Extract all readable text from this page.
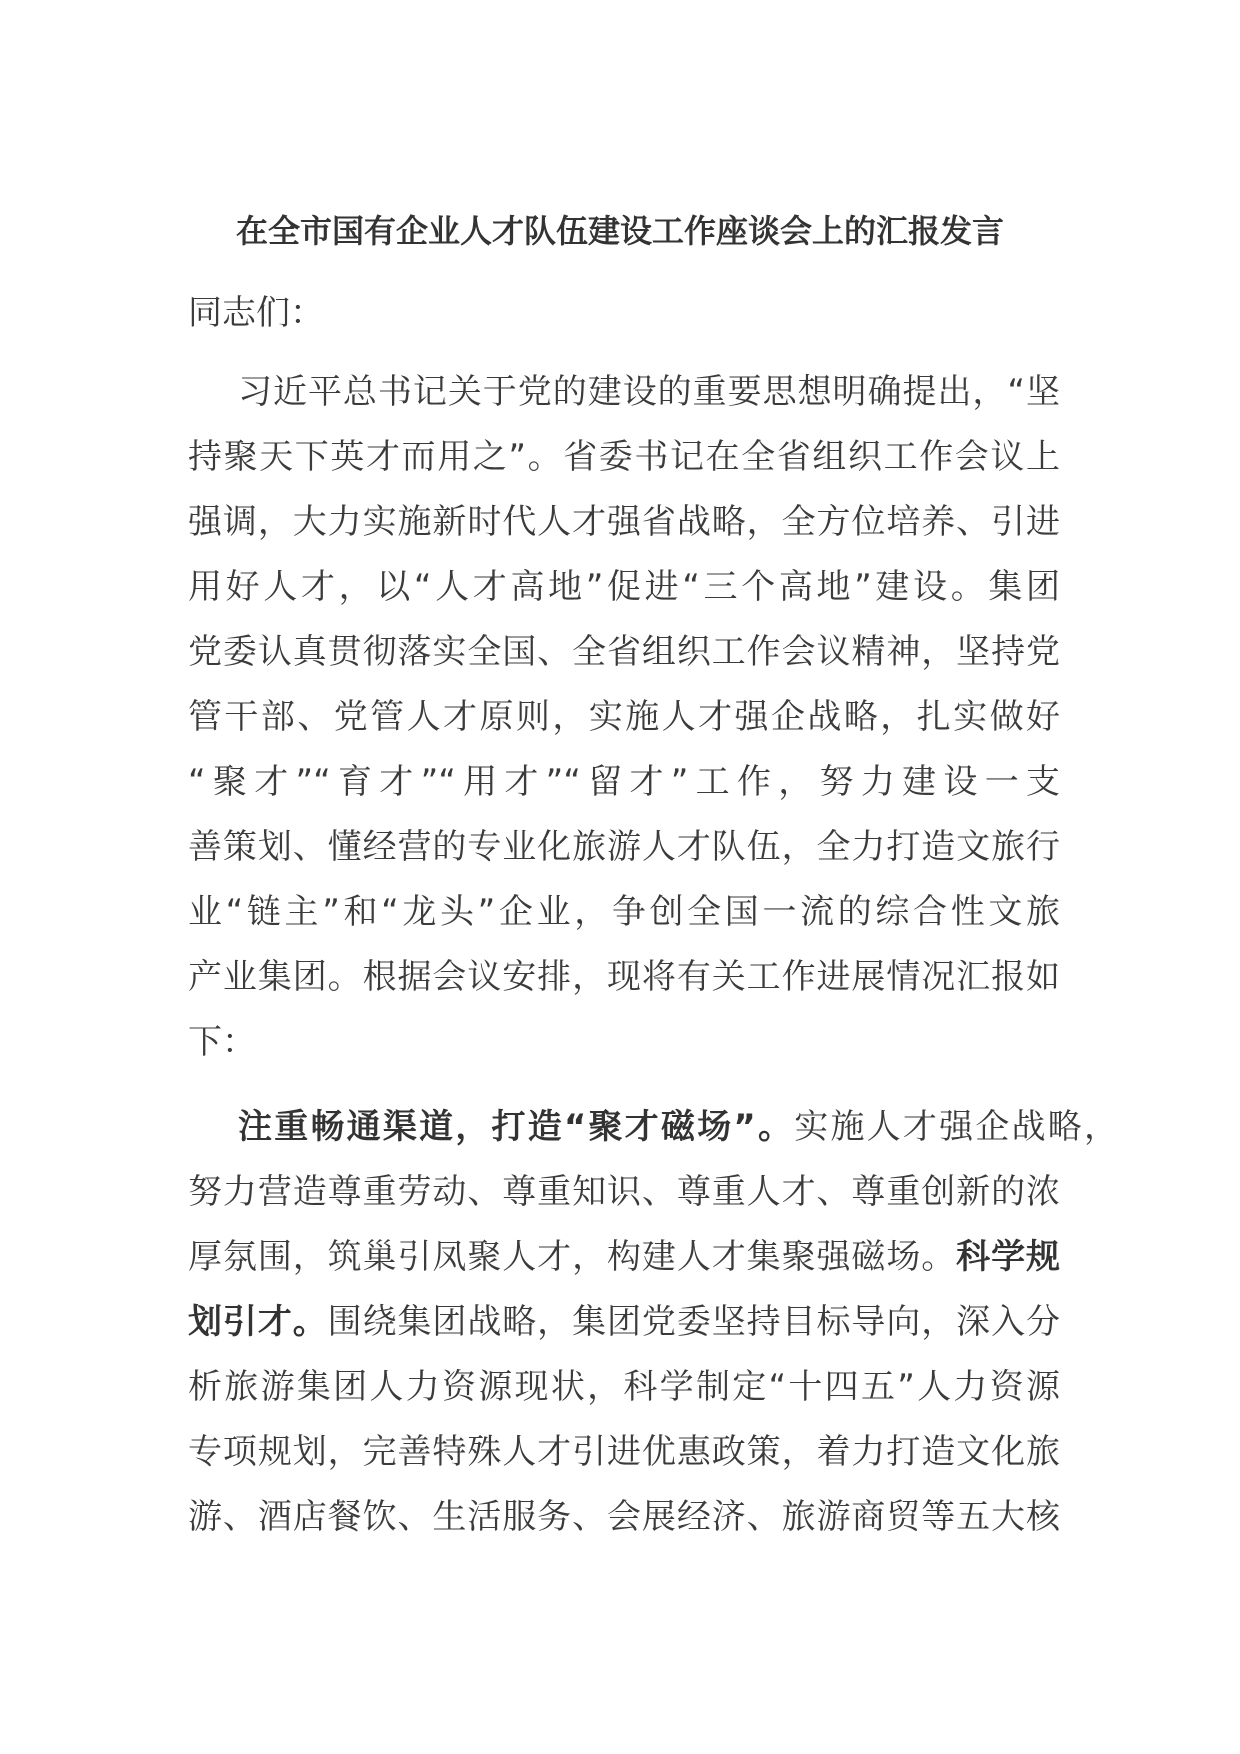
在全市国有企业人才队伍建设工作座谈会上的汇报发言
同志们：
习近平总书记关于党的建设的重要思想明确提出，“坚
持聚天下英才而用之”。省委书记在全省组织工作会议上
强调，大力实施新时代人才强省战略，全方位培养、引进
用好人才，以“人才高地”促进“三个高地”建设。集团
党委认真贯彻落实全国、全省组织工作会议精神，坚持党
管干部、党管人才原则，实施人才强企战略，扎实做好
“聚才”“育才”“用才”“留才”工作，努力建设一支
善策划、懂经营的专业化旅游人才队伍，全力打造文旅行
业“链主”和“龙头”企业，争创全国一流的综合性文旅
产业集团。根据会议安排，现将有关工作进展情况汇报如
下：
注重畅通渠道，打造“聚才磁场”。实施人才强企战略，
努力营造尊重劳动、尊重知识、尊重人才、尊重创新的浓
厚氛围，筑巢引凤聚人才，构建人才集聚强磁场。科学规
划引才。围绕集团战略，集团党委坚持目标导向，深入分
析旅游集团人力资源现状，科学制定“十四五”人力资源
专项规划，完善特殊人才引进优惠政策，着力打造文化旅
游、酒店餐饮、生活服务、会展经济、旅游商贸等五大核
